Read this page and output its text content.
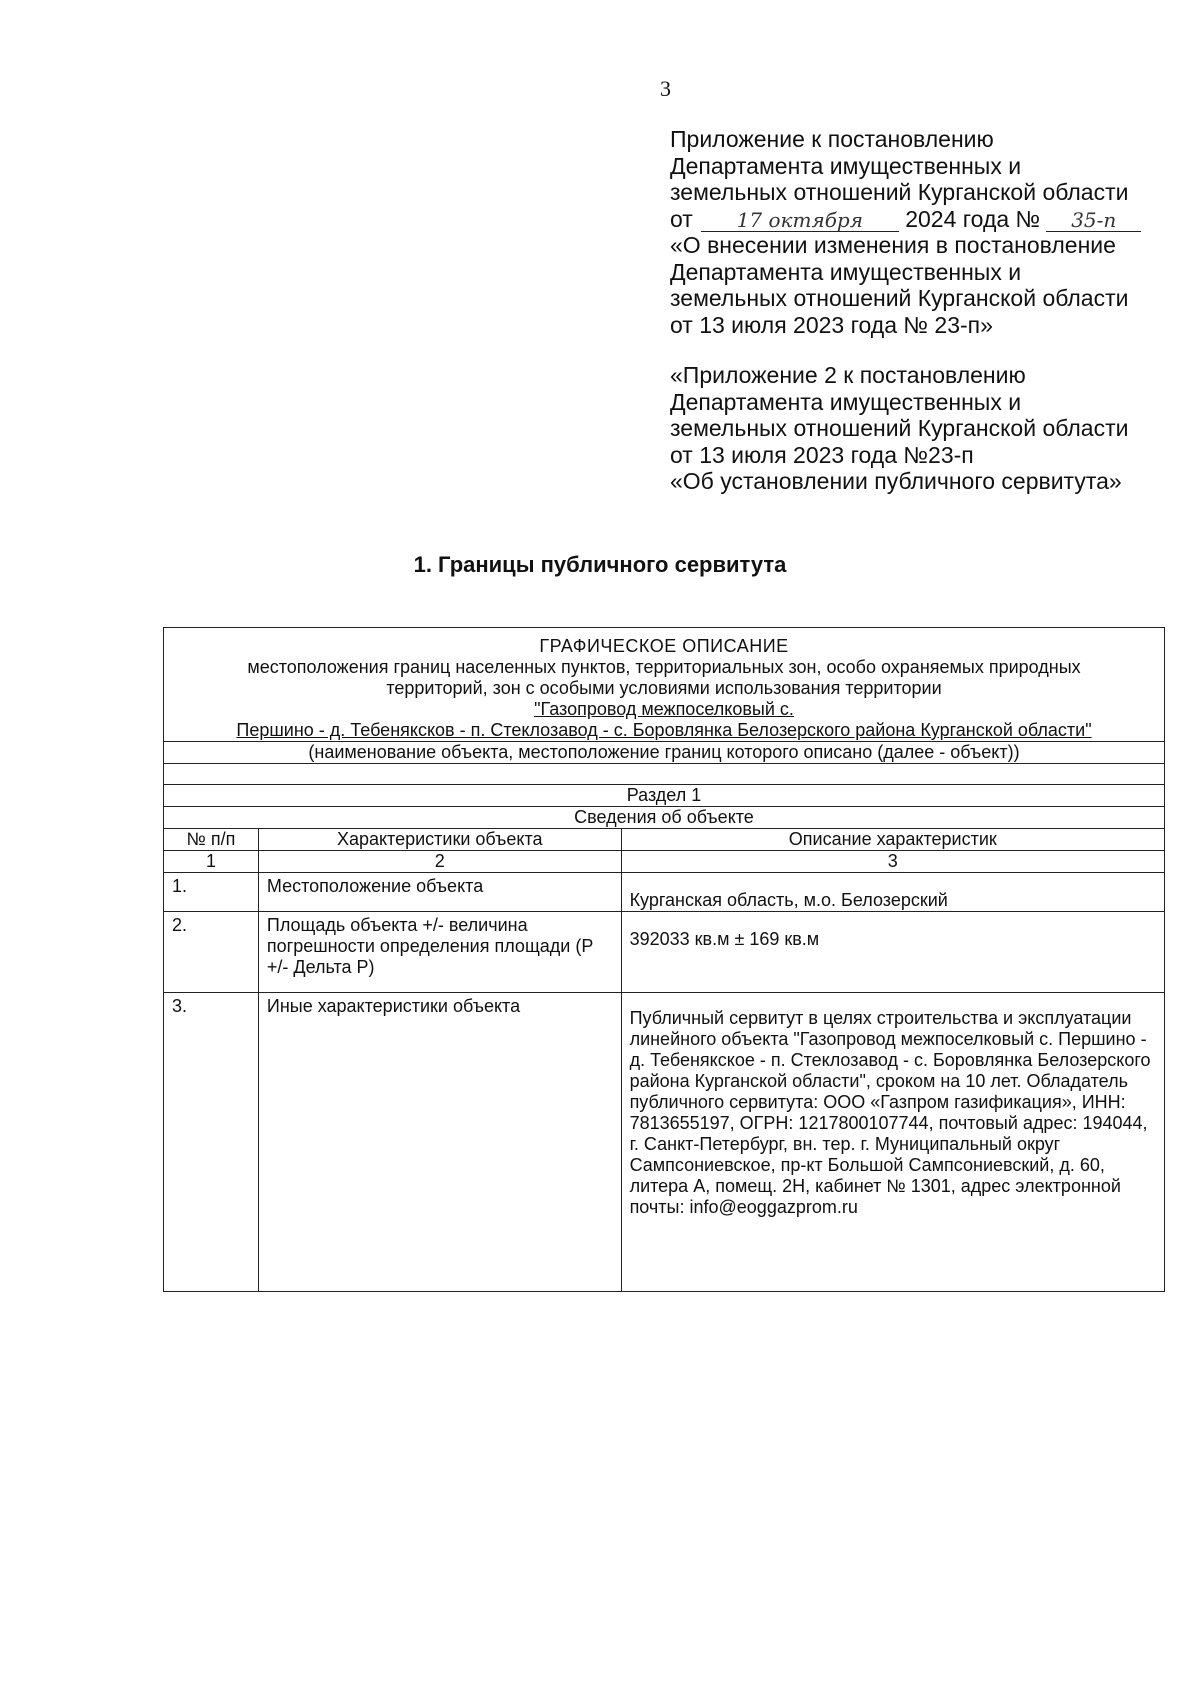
3
Приложение к постановлению
Департамента имущественных и
земельных отношений Курганской области
от 17 октября 2024 года № 35-п
«О внесении изменения в постановление
Департамента имущественных и
земельных отношений Курганской области
от 13 июля 2023 года № 23-п»
«Приложение 2 к постановлению
Департамента имущественных и
земельных отношений Курганской области
от 13 июля 2023 года №23-п
«Об установлении публичного сервитута»
1. Границы публичного сервитута
ГРАФИЧЕСКОЕ ОПИСАНИЕ
местоположения границ населенных пунктов, территориальных зон, особо охраняемых природных
территорий, зон с особыми условиями использования территории
"Газопровод межпоселковый с.
Першино - д. Тебеняксков - п. Стеклозавод - с. Боровлянка Белозерского района Курганской области"		

(наименование объекта, местоположение границ которого описано (далее - объект))		

Раздел 1		
Сведения об объекте		
№ п/п	Характеристики объекта	Описание характеристик
1	2	3
1.	Местоположение объекта	Курганская область, м.о. Белозерский

2.	Площадь объекта +/- величина погрешности определения площади (Р +/- Дельта Р)	392033 кв.м ± 169 кв.м

3.	Иные характеристики объекта	Публичный сервитут в целях строительства и эксплуатации линейного объекта "Газопровод межпоселковый с. Першино - д. Тебенякское - п. Стеклозавод - с. Боровлянка Белозерского района Курганской области", сроком на 10 лет. Обладатель публичного сервитута: ООО «Газпром газификация», ИНН: 7813655197, ОГРН: 1217800107744, почтовый адрес: 194044, г. Санкт-Петербург, вн. тер. г. Муниципальный округ Сампсониевское, пр-кт Большой Сампсониевский, д. 60, литера А, помещ. 2Н, кабинет № 1301, адрес электронной почты: info@eoggazprom.ru
